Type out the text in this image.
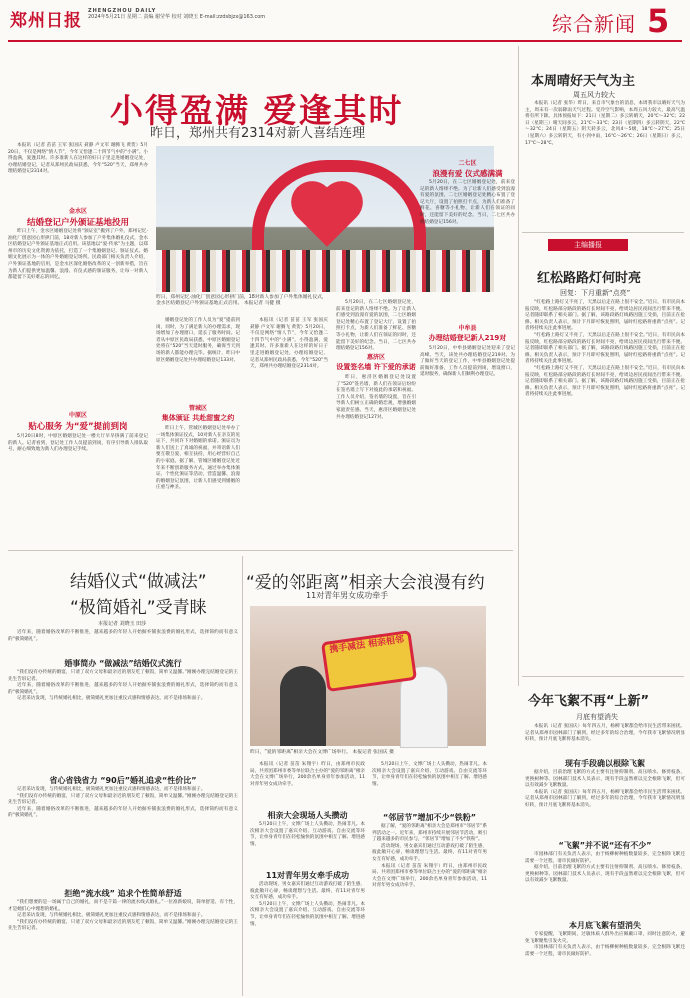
郑州日报 ZHENGZHOU DAILY
2024年5月21日 星期二 责编 谢莹华 校对 刘晓玉 E-mail:zzdsbjzx@163.com	综合新闻 5
小得盈满 爱逢其时
昨日，郑州共有2314对新人喜结连理

本报讯（记者 苗苗 王军 张国庆 聂静 卢文军 谢腾飞 黄贺）5月20日，不仅是网络“情人节”，今年又恰逢二十四节气中的“小满”。小得盈满，爱逢其时。许多准新人在这样的好日子里走进婚姻登记处，办理结婚登记，记者从郑州民政局获悉，今年“520”当天，郑州共办理结婚登记2314对。

金水区
结婚登记户外颁证基地投用

昨日上午，金水区婚姻登记处将“颁证室”搬到了户外，郑州记忆·油化厂创意园心形拱门前，18对新人参加了户外集体婚礼仪式，金水区结婚登记户外颁证基地正式启用。该基地以“爱·传承”为主题，以郑州市的历史文化资源为依托，打造了一个集婚姻登记、颁证仪式、婚姻文化展示为一体的户外婚姻登记场所。民政部门相关负责人介绍，户外颁证基地的启用，是金水区深化婚俗改革的又一创新举措，旨在为新人们提供更加温馨、浪漫、有仪式感的颁证服务，让每一对新人都能留下美好难忘的回忆。

中原区
贴心服务 为“爱”提前到岗

5月20日8时，中原区婚姻登记处一楼大厅早早挤满了前来登记的新人。记者看到，登记处工作人员提前到岗，有序引导新人排队取号，耐心细致地为新人们办理登记手续。

昨日，郑州记忆·油化厂创意园心形拱门前，18对新人参加了户外集体婚礼仪式，金水区结婚登记户外颁证基地正式启用。 本报记者 马健 摄

婚姻登记处的工作人员为“爱”提前到岗，同时，为了满足新人的办理需求，现场增加了办理窗口，延长了服务时间。记者从中原区民政局获悉，中原区婚姻登记处将在“520”当天延时服务，确保当天到场的新人都能办理完毕。据统计，昨日中原区婚姻登记处共办理结婚登记133对。

管城区
集体颁证 共赴甜蜜之约

昨日上午，管城区婚姻登记处举办了一场集体颁证仪式，10对新人在亲友的见证下，共同许下对婚姻的承诺。颁证员为新人们送上了真诚的祝福，并寄语新人们要互敬互爱、相互扶持，用心经营好自己的小家庭。据了解，管城区婚姻登记处近年来不断创新服务方式，通过举办集体颁证、个性化颁证等活动，营造温馨、浪漫的婚姻登记氛围，让新人们感受到婚姻的庄重与神圣。

本报讯（记者 苗苗 王军 张国庆 聂静 卢文军 谢腾飞 黄贺）5月20日，不仅是网络“情人节”，今年又恰逢二十四节气中的“小满”。小得盈满，爱逢其时。许多准新人在这样的好日子里走进婚姻登记处，办理结婚登记，记者从郑州民政局获悉，今年“520”当天，郑州共办理结婚登记2314对。

二七区
浪漫有爱 仪式感满满
惠济区
设置签名墙 许下爱的承诺

昨日，惠济区婚姻登记处设置了“520”签名墙，新人们在领证后纷纷在签名墙上写下对彼此的承诺和祝福。工作人员介绍，签名墙的设置，旨在引导新人们树立正确的婚恋观，增强婚姻家庭责任感。当天，惠济区婚姻登记处共办理结婚登记127对。

5月20日，在二七区婚姻登记处，前来登记的新人络绎不绝。为了让新人们感受到浪漫有爱的氛围，二七区婚姻登记处精心布置了登记大厅，设置了拍照打卡点，为新人们准备了鲜花、喜糖等小礼物，让新人们在领证的同时，还能留下美好的纪念。当日，二七区共办理结婚登记156对。

5月20日，在二七区婚姻登记处，前来登记的新人络绎不绝。为了让新人们感受到浪漫有爱的氛围，二七区婚姻登记处精心布置了登记大厅，设置了拍照打卡点，为新人们准备了鲜花、喜糖等小礼物，让新人们在领证的同时，还能留下美好的纪念。当日，二七区共办理结婚登记156对。

中牟县
办理结婚登记新人219对

5月20日，中牟县婚姻登记处迎来了登记高峰。当天，该处共办理结婚登记219对。为了做好当天的登记工作，中牟县婚姻登记处提前做好准备，工作人员提前到岗，增设窗口，延时服务，确保新人们顺利办理登记。

结婚仪式“做减法”
“极简婚礼”受青睐
本报记者 刘晓玉 田莎

近年来，随着婚俗改革的不断推进，越来越多的年轻人开始摒弃铺张浪费的婚礼形式，选择简约而有意义的“极简婚礼”。

婚事简办 “做减法”结婚仪式流行

“我们没有办传统的婚宴，只请了双方父母和最亲近的朋友吃了顿饭，简单又温馨。”刚刚办理完结婚登记的王先生告诉记者。

近年来，随着婚俗改革的不断推进，越来越多的年轻人开始摒弃铺张浪费的婚礼形式，选择简约而有意义的“极简婚礼”。

记者采访发现，与传统婚礼相比，极简婚礼更加注重仪式感和情感表达，而不是排场和面子。

省心省钱省力 “90后”婚礼追求“性价比”

记者采访发现，与传统婚礼相比，极简婚礼更加注重仪式感和情感表达，而不是排场和面子。

“我们没有办传统的婚宴，只请了双方父母和最亲近的朋友吃了顿饭，简单又温馨。”刚刚办理完结婚登记的王先生告诉记者。

近年来，随着婚俗改革的不断推进，越来越多的年轻人开始摒弃铺张浪费的婚礼形式，选择简约而有意义的“极简婚礼”。

拒绝“流水线” 追求个性简单舒适

“我们想要的是一场属于自己的婚礼，而不是千篇一律的流水线式婚礼。”一位准新娘说，简单舒适、有个性，才是她们心中理想的婚礼。

记者采访发现，与传统婚礼相比，极简婚礼更加注重仪式感和情感表达，而不是排场和面子。

“我们没有办传统的婚宴，只请了双方父母和最亲近的朋友吃了顿饭，简单又温馨。”刚刚办理完结婚登记的王先生告诉记者。

“爱的邻距离”相亲大会浪漫有约
11对青年男女成功牵手
携手减法 相亲相邻
昨日，“爱的邻距离”相亲大会在文博广场举行。 本报记者 张国庆 摄

本报讯（记者 苗苗 朱翔宇）昨日，由郑州市民政局、共青团郑州市委等单位联合主办的“爱的邻距离”相亲大会在文博广场举行，200余名单身青年参加活动，11对青年男女成功牵手。

相亲大会现场人头攒动

5月20日上午，文博广场上人头攒动，热闹非凡。本次相亲大会设置了嘉宾介绍、互动游戏、自由交流等环节，让单身青年们在轻松愉快的氛围中相互了解、增进感情。

11对青年男女牵手成功

活动现场，男女嘉宾们通过互动游戏打破了陌生感，彼此敞开心扉，畅谈理想与生活。最终，有11对青年男女互有好感，成功牵手。

5月20日上午，文博广场上人头攒动，热闹非凡。本次相亲大会设置了嘉宾介绍、互动游戏、自由交流等环节，让单身青年们在轻松愉快的氛围中相互了解、增进感情。

5月20日上午，文博广场上人头攒动，热闹非凡。本次相亲大会设置了嘉宾介绍、互动游戏、自由交流等环节，让单身青年们在轻松愉快的氛围中相互了解、增进感情。

“邻居节”增加不少“铁粉”

据了解，“爱的邻距离”相亲大会是郑州市“邻居节”系列活动之一。近年来，郑州市持续开展邻居节活动，吸引了越来越多的市民参与，“邻居节”增加了不少“铁粉”。

活动现场，男女嘉宾们通过互动游戏打破了陌生感，彼此敞开心扉，畅谈理想与生活。最终，有11对青年男女互有好感，成功牵手。

本报讯（记者 苗苗 朱翔宇）昨日，由郑州市民政局、共青团郑州市委等单位联合主办的“爱的邻距离”相亲大会在文博广场举行，200余名单身青年参加活动，11对青年男女成功牵手。

本周晴好天气为主
周五风力较大

本报讯（记者 张华）昨日，来自市气象台的消息，本周我市以晴好天气为主，周末有一次弱降雨天气过程。受冷空气影响，本周五风力较大，最高气温将有所下降。具体预报如下：21日（星期二）多云转晴天，20℃～32℃；22日（星期三）晴天间多云，21℃～33℃；23日（星期四）多云转阴天，22℃～32℃；24日（星期五）阴天转多云，北风4～5级，18℃～27℃；25日（星期六）多云转阴天，有小到中雨，16℃～26℃；26日（星期日）多云，17℃～28℃。

主编播报
红松路路灯何时亮
回复：下月重新“点亮”

“红松路上路灯又不亮了，天黑以后走在路上很不安全。”近日，有市民向本报反映，红松路部分路段的路灯长时间不亮，给周边居民夜间出行带来不便。记者随即联系了相关部门。据了解，该路段路灯线路因施工受损，目前正在抢修。相关负责人表示，预计下月即可恢复照明，届时红松路将重新“点亮”。记者将持续关注此事进展。

“红松路上路灯又不亮了，天黑以后走在路上很不安全。”近日，有市民向本报反映，红松路部分路段的路灯长时间不亮，给周边居民夜间出行带来不便。记者随即联系了相关部门。据了解，该路段路灯线路因施工受损，目前正在抢修。相关负责人表示，预计下月即可恢复照明，届时红松路将重新“点亮”。记者将持续关注此事进展。

“红松路上路灯又不亮了，天黑以后走在路上很不安全。”近日，有市民向本报反映，红松路部分路段的路灯长时间不亮，给周边居民夜间出行带来不便。记者随即联系了相关部门。据了解，该路段路灯线路因施工受损，目前正在抢修。相关负责人表示，预计下月即可恢复照明，届时红松路将重新“点亮”。记者将持续关注此事进展。

今年飞絮不再“上新”
月底有望消失

本报讯（记者 张国庆）每年四五月，杨柳飞絮都会给市民生活带来困扰。记者从郑州市园林部门了解到，经过多年的综合治理，今年我市飞絮情况明显好转，预计月底飞絮将基本消失。

现有手段确以根除飞絮

据介绍，目前治理飞絮的方式主要有注射抑制剂、高压喷水、修剪枝条、更换树种等。园林部门技术人员表示，现有手段虽然难以完全根除飞絮，但可以有效减少飞絮数量。

本报讯（记者 张国庆）每年四五月，杨柳飞絮都会给市民生活带来困扰。记者从郑州市园林部门了解到，经过多年的综合治理，今年我市飞絮情况明显好转，预计月底飞絮将基本消失。

“飞絮”并不说“还有不少”

市园林部门有关负责人表示，由于杨柳树种植数量较多，完全根除飞絮还需要一个过程，请市民做好防护。

据介绍，目前治理飞絮的方式主要有注射抑制剂、高压喷水、修剪枝条、更换树种等。园林部门技术人员表示，现有手段虽然难以完全根除飞絮，但可以有效减少飞絮数量。

本月底飞絮有望消失

专家提醒，飞絮期间，过敏体质人群外出应佩戴口罩，同时注意防火，避免飞絮聚集引发火灾。

市园林部门有关负责人表示，由于杨柳树种植数量较多，完全根除飞絮还需要一个过程，请市民做好防护。
